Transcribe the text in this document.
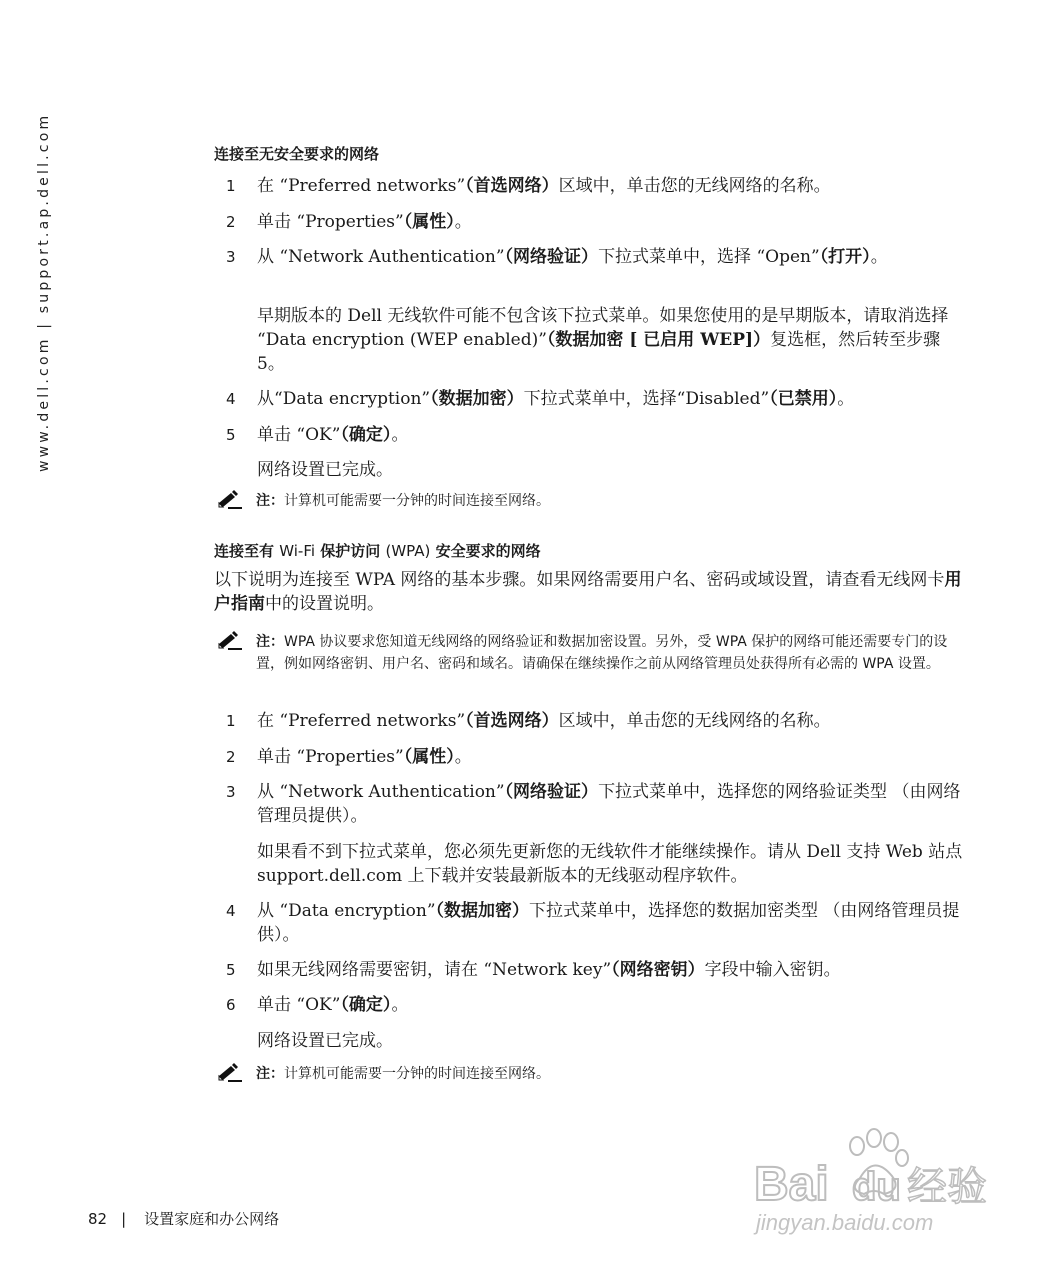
www.dell.com | support.ap.dell.com	连接至无安全要求的网络
1	在 “Preferred networks”（首选网络）区域中，单击您的无线网络的名称。
2	单击 “Properties”（属性）。
3	从 “Network Authentication”（网络验证）下拉式菜单中，选择 “Open”（打开）。
早期版本的 Dell 无线软件可能不包含该下拉式菜单。如果您使用的是早期版本，请取消选择 “Data encryption (WEP enabled)”（数据加密 [ 已启用 WEP]）复选框，然后转至步骤 5。
4	从“Data encryption”（数据加密）下拉式菜单中，选择“Disabled”（已禁用）。
5	单击 “OK”（确定）。
网络设置已完成。
注：计算机可能需要一分钟的时间连接至网络。
连接至有 Wi-Fi 保护访问 (WPA) 安全要求的网络
以下说明为连接至 WPA 网络的基本步骤。如果网络需要用户名、密码或域设置，请查看无线网卡用户指南中的设置说明。
注：WPA 协议要求您知道无线网络的网络验证和数据加密设置。另外，受 WPA 保护的网络可能还需要专门的设置，例如网络密钥、用户名、密码和域名。请确保在继续操作之前从网络管理员处获得所有必需的 WPA 设置。
1	在 “Preferred networks”（首选网络）区域中，单击您的无线网络的名称。
2	单击 “Properties”（属性）。
3	从 “Network Authentication”（网络验证）下拉式菜单中，选择您的网络验证类型 （由网络管理员提供）。
如果看不到下拉式菜单，您必须先更新您的无线软件才能继续操作。请从 Dell 支持 Web 站点 support.dell.com 上下载并安装最新版本的无线驱动程序软件。
4	从 “Data encryption”（数据加密）下拉式菜单中，选择您的数据加密类型 （由网络管理员提供）。
5	如果无线网络需要密钥，请在 “Network key”（网络密钥）字段中输入密钥。
6	单击 “OK”（确定）。
网络设置已完成。
注：计算机可能需要一分钟的时间连接至网络。
82 | 设置家庭和办公网络
Bai du 经验
jingyan.baidu.com
